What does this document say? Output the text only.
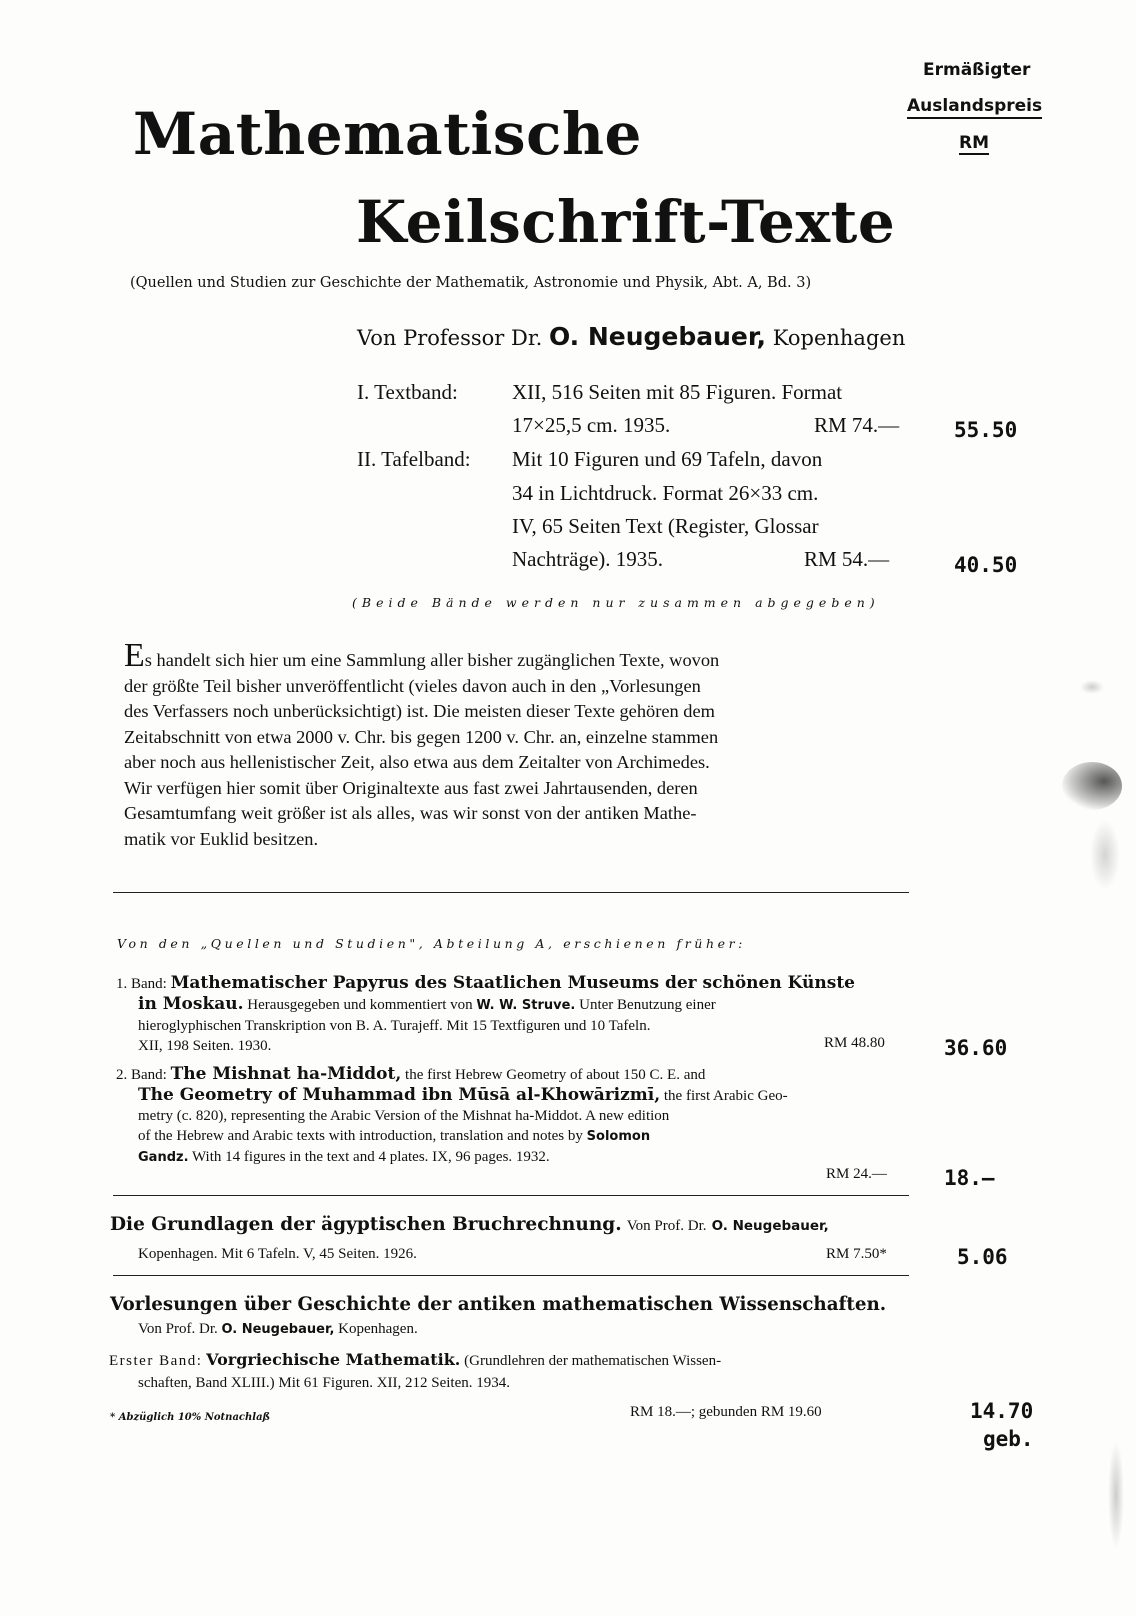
Ermäßigter
Auslandspreis
RM
Mathematische
Keilschrift-Texte
(Quellen und Studien zur Geschichte der Mathematik, Astronomie und Physik, Abt. A, Bd. 3)
Von Professor Dr. O. Neugebauer, Kopenhagen
I. Textband:	XII, 516 Seiten mit 85 Figuren. Format
17×25,5 cm. 1935.	RM 74.—	55.50
II. Tafelband: Mit 10 Figuren und 69 Tafeln, davon
34 in Lichtdruck. Format 26×33 cm.
IV, 65 Seiten Text (Register, Glossar
Nachträge). 1935.	RM 54.—	40.50
(Beide Bände werden nur zusammen abgegeben)
Es handelt sich hier um eine Sammlung aller bisher zugänglichen Texte, wovon
der größte Teil bisher unveröffentlicht (vieles davon auch in den „Vorlesungen
des Verfassers noch unberücksichtigt) ist. Die meisten dieser Texte gehören dem
Zeitabschnitt von etwa 2000 v. Chr. bis gegen 1200 v. Chr. an, einzelne stammen
aber noch aus hellenistischer Zeit, also etwa aus dem Zeitalter von Archimedes.
Wir verfügen hier somit über Originaltexte aus fast zwei Jahrtausenden, deren
Gesamtumfang weit größer ist als alles, was wir sonst von der antiken Mathe-
matik vor Euklid besitzen.
Von den „Quellen und Studien", Abteilung A, erschienen früher:
1. Band: Mathematischer Papyrus des Staatlichen Museums der schönen Künste
in Moskau. Herausgegeben und kommentiert von W. W. Struve. Unter Benutzung einer
hieroglyphischen Transkription von B. A. Turajeff. Mit 15 Textfiguren und 10 Tafeln.
XII, 198 Seiten. 1930.	RM 48.80	36.60
2. Band: The Mishnat ha-Middot, the first Hebrew Geometry of about 150 C. E. and
The Geometry of Muhammad ibn Mūsā al-Khowārizmī, the first Arabic Geo-
metry (c. 820), representing the Arabic Version of the Mishnat ha-Middot. A new edition
of the Hebrew and Arabic texts with introduction, translation and notes by Solomon
Gandz. With 14 figures in the text and 4 plates. IX, 96 pages. 1932.
RM 24.—	18.—
Die Grundlagen der ägyptischen Bruchrechnung. Von Prof. Dr. O. Neugebauer,
Kopenhagen. Mit 6 Tafeln. V, 45 Seiten. 1926.	RM 7.50*	5.06
Vorlesungen über Geschichte der antiken mathematischen Wissenschaften.
Von Prof. Dr. O. Neugebauer, Kopenhagen.
Erster Band: Vorgriechische Mathematik. (Grundlehren der mathematischen Wissen-
schaften, Band XLIII.) Mit 61 Figuren. XII, 212 Seiten. 1934.
RM 18.—; gebunden RM 19.60	14.70
geb.
* Abzüglich 10% Notnachlaß
